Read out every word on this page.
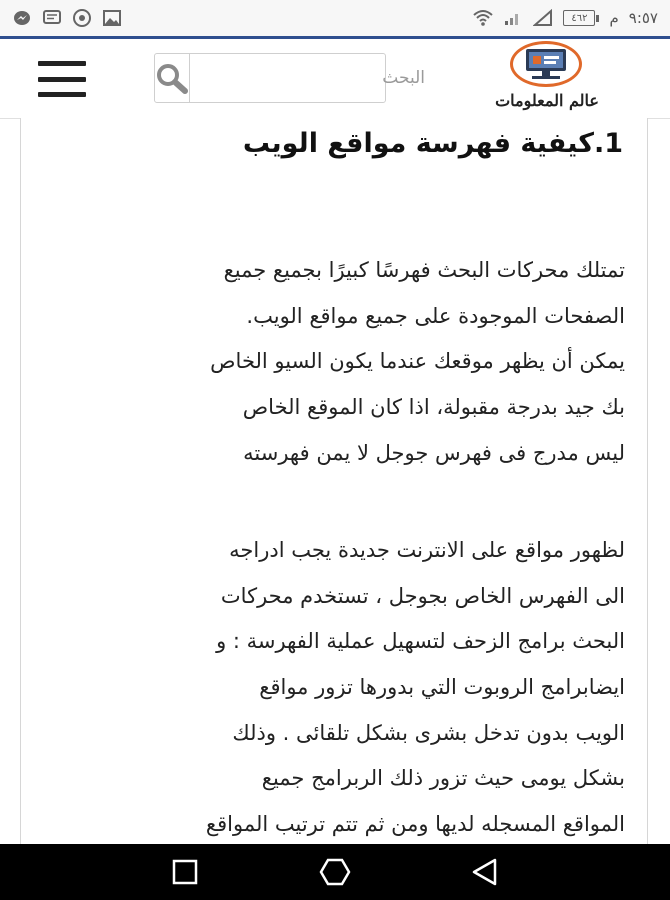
٤٦٢	م ٩:٥٧
البحث
عالم المعلومات
1.كيفية فهرسة مواقع الويب
تمتلك محركات البحث فهرسًا كبيرًا بجميع جميع
الصفحات الموجودة على جميع مواقع الويب.
يمكن أن يظهر موقعك عندما يكون السيو الخاص
بك جيد بدرجة مقبولة، اذا كان الموقع الخاص
ليس مدرج فى فهرس جوجل لا يمن فهرسته
لظهور مواقع على الانترنت جديدة يجب ادراجه
الى الفهرس الخاص بجوجل ، تستخدم محركات
البحث برامج الزحف لتسهيل عملية الفهرسة : و
ايضابرامج الروبوت التي بدورها تزور مواقع
الويب بدون تدخل بشرى بشكل تلقائى . وذلك
بشكل يومى حيث تزور ذلك الربرامج جميع
المواقع المسجله لديها ومن ثم تتم ترتيب المواقع
